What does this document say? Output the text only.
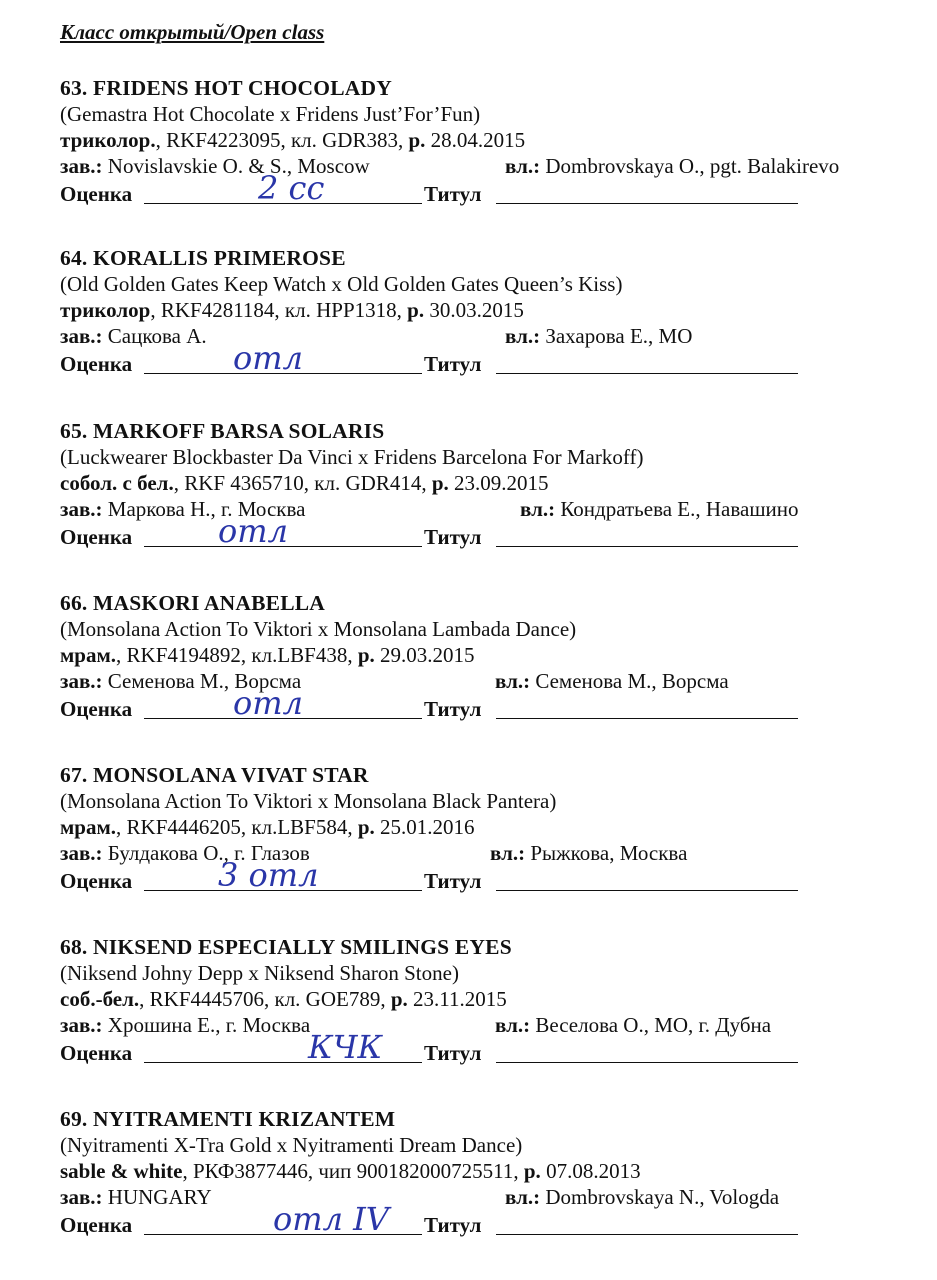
Класс открытый/Open class
63. FRIDENS HOT CHOCOLADY
(Gemastra Hot Chocolate x Fridens Just’For’Fun)
триколор., RKF4223095, кл. GDR383, р. 28.04.2015
зав.: Novislavskie O. & S., Moscow	вл.: Dombrovskaya O., pgt. Balakirevo
Оценка	2 cc	Титул
64. KORALLIS PRIMEROSE
(Old Golden Gates Keep Watch x Old Golden Gates Queen’s Kiss)
триколор, RKF4281184, кл. HPP1318, р. 30.03.2015
зав.: Сацкова А.	вл.: Захарова Е., МО
Оценка	отл	Титул
65. MARKOFF BARSA SOLARIS
(Luckwearer Blockbaster Da Vinci x Fridens Barcelona For Markoff)
собол. с бел., RKF 4365710, кл. GDR414, р. 23.09.2015
зав.: Маркова Н., г. Москва	вл.: Кондратьева Е., Навашино
Оценка	отл	Титул
66. MASKORI ANABELLA
(Monsolana Action To Viktori x Monsolana Lambada Dance)
мрам., RKF4194892, кл.LBF438, р. 29.03.2015
зав.: Семенова М., Ворсма	вл.: Семенова М., Ворсма
Оценка	отл	Титул
67. MONSOLANA VIVAT STAR
(Monsolana Action To Viktori x Monsolana Black Pantera)
мрам., RKF4446205, кл.LBF584, р. 25.01.2016
зав.: Булдакова О., г. Глазов	вл.: Рыжкова, Москва
Оценка	3 отл	Титул
68. NIKSEND ESPECIALLY SMILINGS EYES
(Niksend Johny Depp x Niksend Sharon Stone)
соб.-бел., RKF4445706, кл. GOE789, р. 23.11.2015
зав.: Хрошина Е., г. Москва	вл.: Веселова О., МО, г. Дубна
Оценка	КЧК Титул
69. NYITRAMENTI KRIZANTEM
(Nyitramenti X-Tra Gold x Nyitramenti Dream Dance)
sable & white, РКФ3877446, чип 900182000725511, р. 07.08.2013
зав.: HUNGARY	вл.: Dombrovskaya N., Vologda
Оценка	отл IV Титул
